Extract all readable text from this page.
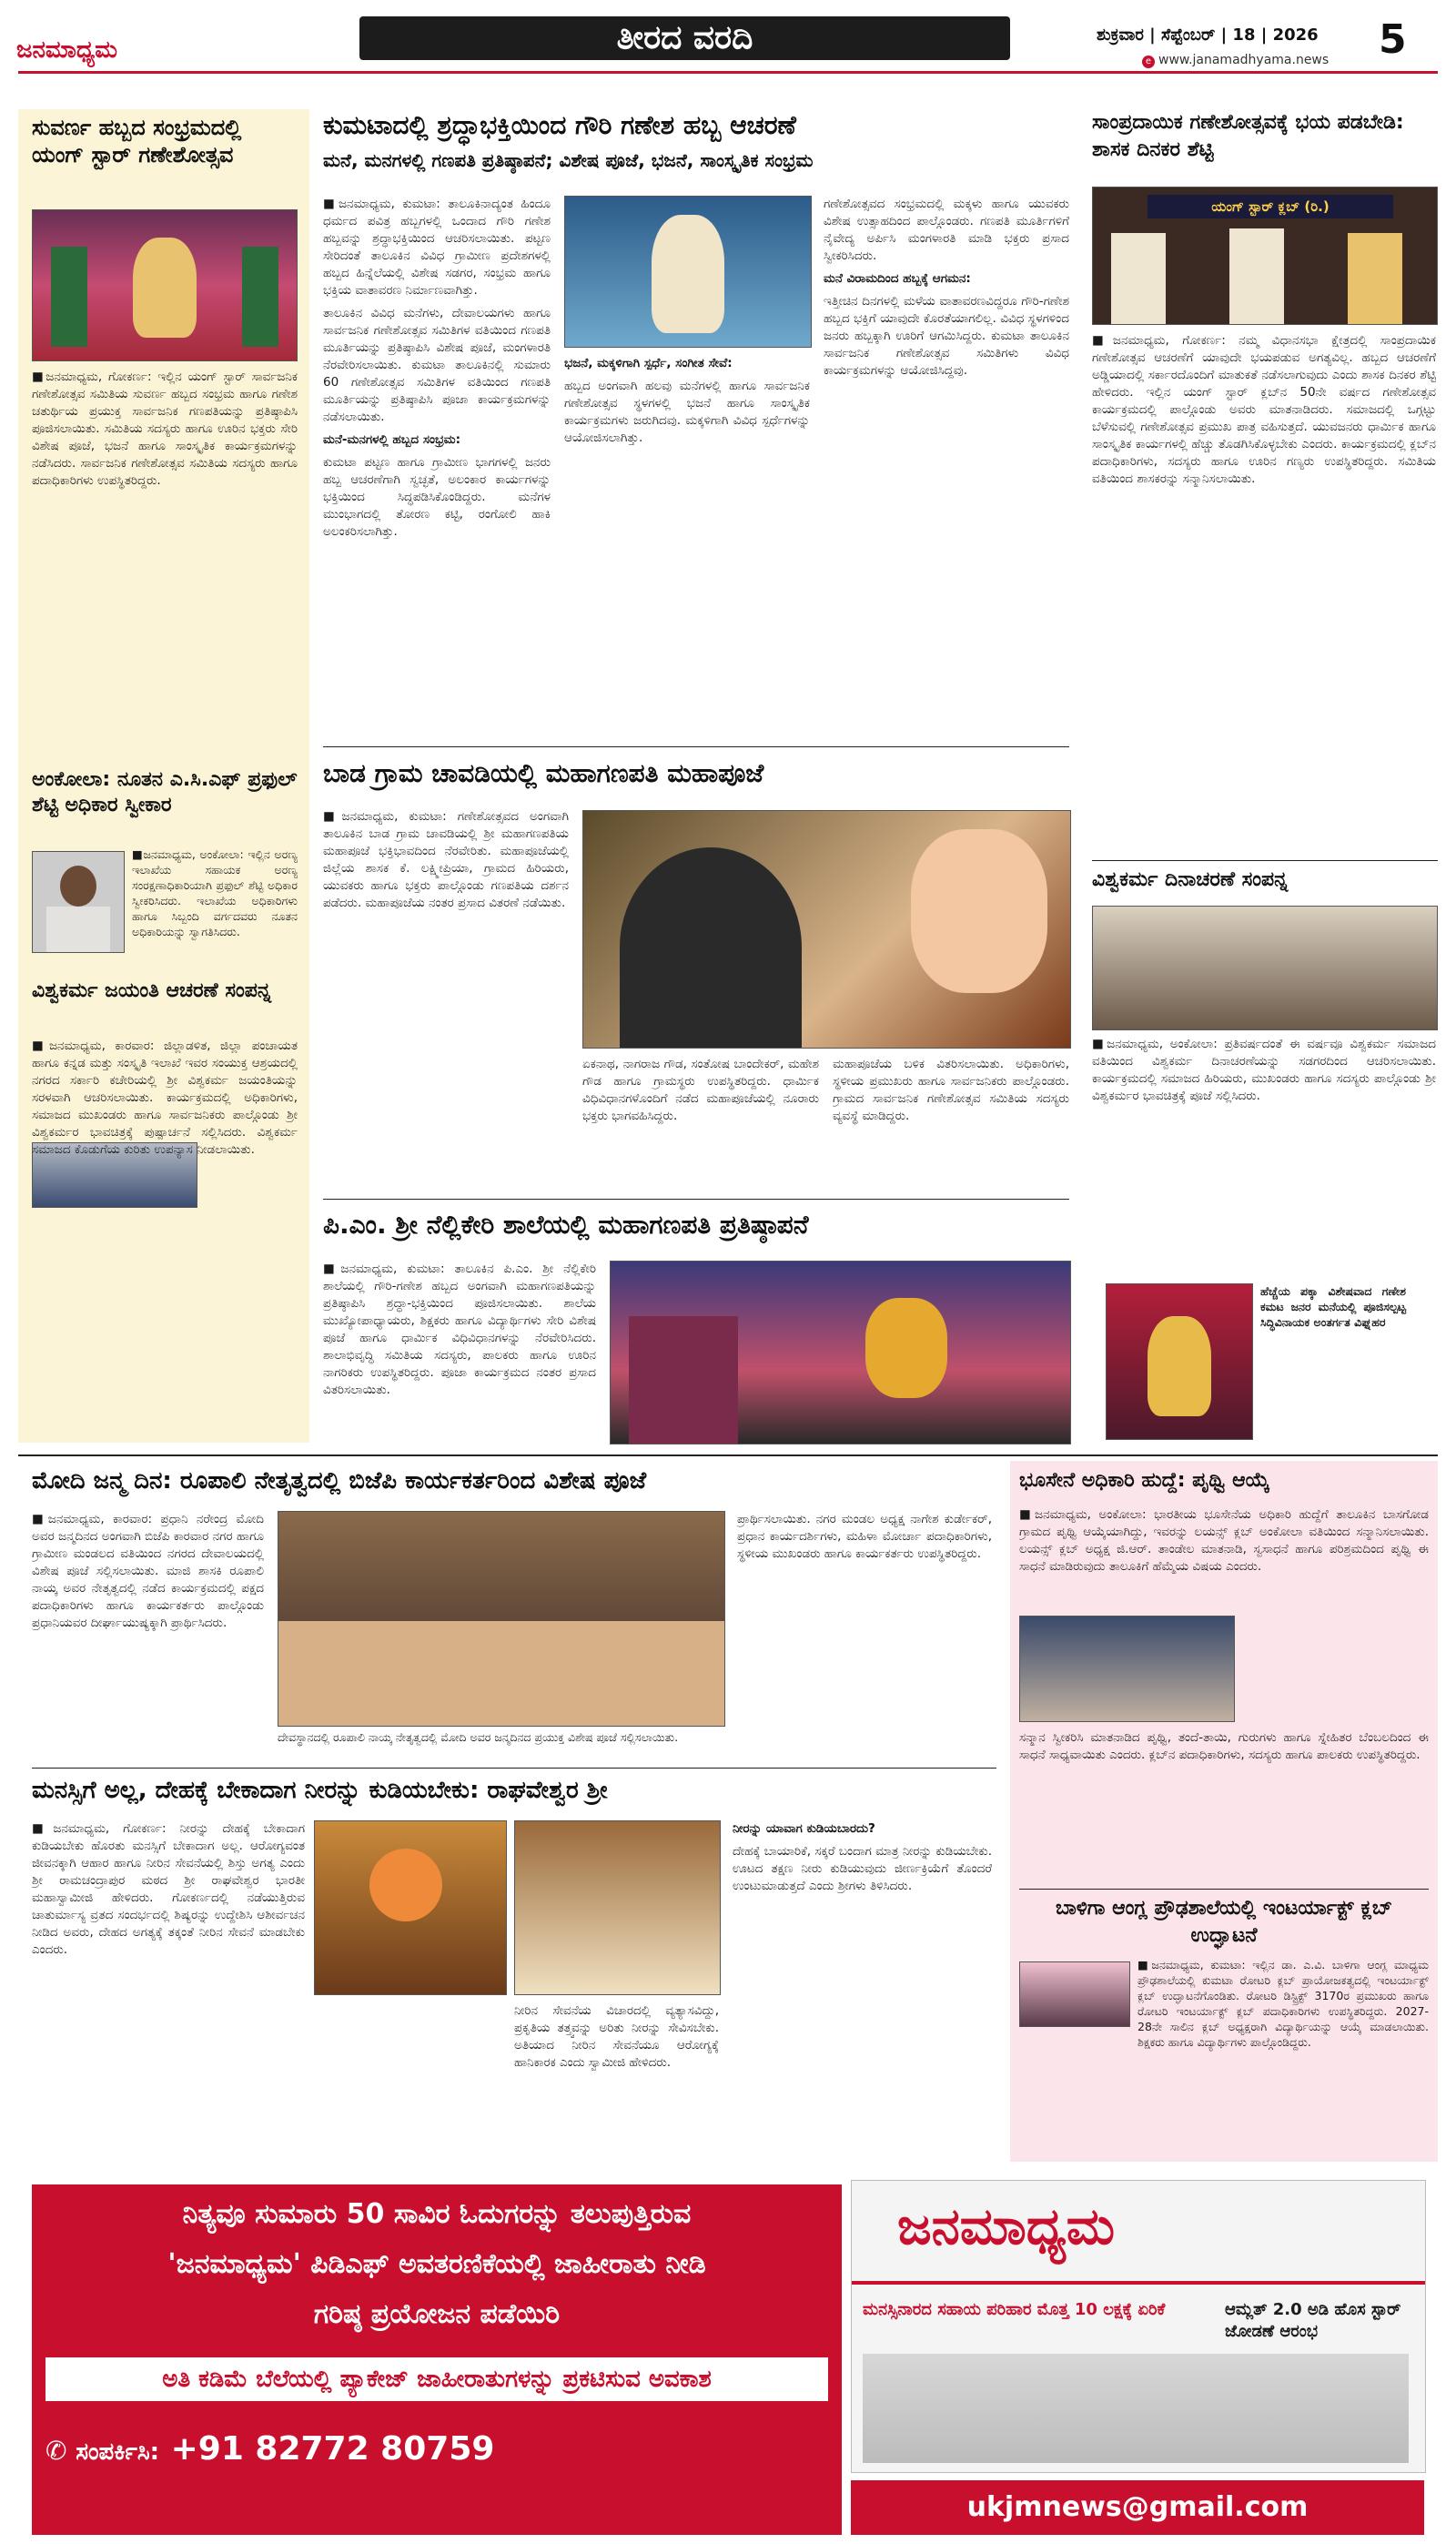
ಜನಮಾಧ್ಯಮ	ತೀರದ ವರದಿ	ಶುಕ್ರವಾರ | ಸೆಪ್ಟೆಂಬರ್ | 18 | 2026 5
e www.janamadhyama.news
ಸುವರ್ಣ ಹಬ್ಬದ ಸಂಭ್ರಮದಲ್ಲಿ ಯಂಗ್ ಸ್ಟಾರ್ ಗಣೇಶೋತ್ಸವ
■ಜನಮಾಧ್ಯಮ, ಗೋಕರ್ಣ: ಇಲ್ಲಿನ ಯಂಗ್ ಸ್ಟಾರ್ ಸಾರ್ವಜನಿಕ ಗಣೇಶೋತ್ಸವ ಸಮಿತಿಯ ಸುವರ್ಣ ಹಬ್ಬದ ಸಂಭ್ರಮ ಹಾಗೂ ಗಣೇಶ ಚತುರ್ಥಿಯ ಪ್ರಯುಕ್ತ ಸಾರ್ವಜನಿಕ ಗಣಪತಿಯನ್ನು ಪ್ರತಿಷ್ಠಾಪಿಸಿ ಪೂಜಿಸಲಾಯಿತು. ಸಮಿತಿಯ ಸದಸ್ಯರು ಹಾಗೂ ಊರಿನ ಭಕ್ತರು ಸೇರಿ ವಿಶೇಷ ಪೂಜೆ, ಭಜನೆ ಹಾಗೂ ಸಾಂಸ್ಕೃತಿಕ ಕಾರ್ಯಕ್ರಮಗಳನ್ನು ನಡೆಸಿದರು. ಸಾರ್ವಜನಿಕ ಗಣೇಶೋತ್ಸವ ಸಮಿತಿಯ ಸದಸ್ಯರು ಹಾಗೂ ಪದಾಧಿಕಾರಿಗಳು ಉಪಸ್ಥಿತರಿದ್ದರು.
ಅಂಕೋಲಾ: ನೂತನ ಎ.ಸಿ.ಎಫ್ ಪ್ರಫುಲ್ ಶೆಟ್ಟಿ ಅಧಿಕಾರ ಸ್ವೀಕಾರ
■ಜನಮಾಧ್ಯಮ, ಅಂಕೋಲಾ: ಇಲ್ಲಿನ ಅರಣ್ಯ ಇಲಾಖೆಯ ಸಹಾಯಕ ಅರಣ್ಯ ಸಂರಕ್ಷಣಾಧಿಕಾರಿಯಾಗಿ ಪ್ರಫುಲ್ ಶೆಟ್ಟಿ ಅಧಿಕಾರ ಸ್ವೀಕರಿಸಿದರು. ಇಲಾಖೆಯ ಅಧಿಕಾರಿಗಳು ಹಾಗೂ ಸಿಬ್ಬಂದಿ ವರ್ಗದವರು ನೂತನ ಅಧಿಕಾರಿಯನ್ನು ಸ್ವಾಗತಿಸಿದರು.
ವಿಶ್ವಕರ್ಮ ಜಯಂತಿ ಆಚರಣೆ ಸಂಪನ್ನ
■ಜನಮಾಧ್ಯಮ, ಕಾರವಾರ: ಜಿಲ್ಲಾಡಳಿತ, ಜಿಲ್ಲಾ ಪಂಚಾಯತ ಹಾಗೂ ಕನ್ನಡ ಮತ್ತು ಸಂಸ್ಕೃತಿ ಇಲಾಖೆ ಇವರ ಸಂಯುಕ್ತ ಆಶ್ರಯದಲ್ಲಿ ನಗರದ ಸರ್ಕಾರಿ ಕಚೇರಿಯಲ್ಲಿ ಶ್ರೀ ವಿಶ್ವಕರ್ಮ ಜಯಂತಿಯನ್ನು ಸರಳವಾಗಿ ಆಚರಿಸಲಾಯಿತು. ಕಾರ್ಯಕ್ರಮದಲ್ಲಿ ಅಧಿಕಾರಿಗಳು, ಸಮಾಜದ ಮುಖಂಡರು ಹಾಗೂ ಸಾರ್ವಜನಿಕರು ಪಾಲ್ಗೊಂಡು ಶ್ರೀ ವಿಶ್ವಕರ್ಮರ ಭಾವಚಿತ್ರಕ್ಕೆ ಪುಷ್ಪಾರ್ಚನೆ ಸಲ್ಲಿಸಿದರು. ವಿಶ್ವಕರ್ಮ ಸಮಾಜದ ಕೊಡುಗೆಯ ಕುರಿತು ಉಪನ್ಯಾಸ ನೀಡಲಾಯಿತು.
ಕುಮಟಾದಲ್ಲಿ ಶ್ರದ್ಧಾಭಕ್ತಿಯಿಂದ ಗೌರಿ ಗಣೇಶ ಹಬ್ಬ ಆಚರಣೆ
ಮನೆ, ಮನಗಳಲ್ಲಿ ಗಣಪತಿ ಪ್ರತಿಷ್ಠಾಪನೆ; ವಿಶೇಷ ಪೂಜೆ, ಭಜನೆ, ಸಾಂಸ್ಕೃತಿಕ ಸಂಭ್ರಮ

■ಜನಮಾಧ್ಯಮ, ಕುಮಟಾ: ತಾಲೂಕಿನಾದ್ಯಂತ ಹಿಂದೂ ಧರ್ಮದ ಪವಿತ್ರ ಹಬ್ಬಗಳಲ್ಲಿ ಒಂದಾದ ಗೌರಿ ಗಣೇಶ ಹಬ್ಬವನ್ನು ಶ್ರದ್ಧಾಭಕ್ತಿಯಿಂದ ಆಚರಿಸಲಾಯಿತು. ಪಟ್ಟಣ ಸೇರಿದಂತೆ ತಾಲೂಕಿನ ವಿವಿಧ ಗ್ರಾಮೀಣ ಪ್ರದೇಶಗಳಲ್ಲಿ ಹಬ್ಬದ ಹಿನ್ನೆಲೆಯಲ್ಲಿ ವಿಶೇಷ ಸಡಗರ, ಸಂಭ್ರಮ ಹಾಗೂ ಭಕ್ತಿಯ ವಾತಾವರಣ ನಿರ್ಮಾಣವಾಗಿತ್ತು.

ತಾಲೂಕಿನ ವಿವಿಧ ಮನೆಗಳು, ದೇವಾಲಯಗಳು ಹಾಗೂ ಸಾರ್ವಜನಿಕ ಗಣೇಶೋತ್ಸವ ಸಮಿತಿಗಳ ವತಿಯಿಂದ ಗಣಪತಿ ಮೂರ್ತಿಯನ್ನು ಪ್ರತಿಷ್ಠಾಪಿಸಿ ವಿಶೇಷ ಪೂಜೆ, ಮಂಗಳಾರತಿ ನೆರವೇರಿಸಲಾಯಿತು. ಕುಮಟಾ ತಾಲೂಕಿನಲ್ಲಿ ಸುಮಾರು 60 ಗಣೇಶೋತ್ಸವ ಸಮಿತಿಗಳ ವತಿಯಿಂದ ಗಣಪತಿ ಮೂರ್ತಿಯನ್ನು ಪ್ರತಿಷ್ಠಾಪಿಸಿ ಪೂಜಾ ಕಾರ್ಯಕ್ರಮಗಳನ್ನು ನಡೆಸಲಾಯಿತು.

ಮನೆ-ಮನಗಳಲ್ಲಿ ಹಬ್ಬದ ಸಂಭ್ರಮ:

ಕುಮಟಾ ಪಟ್ಟಣ ಹಾಗೂ ಗ್ರಾಮೀಣ ಭಾಗಗಳಲ್ಲಿ ಜನರು ಹಬ್ಬ ಆಚರಣೆಗಾಗಿ ಸ್ವಚ್ಛತೆ, ಅಲಂಕಾರ ಕಾರ್ಯಗಳನ್ನು ಭಕ್ತಿಯಿಂದ ಸಿದ್ಧಪಡಿಸಿಕೊಂಡಿದ್ದರು. ಮನೆಗಳ ಮುಂಭಾಗದಲ್ಲಿ ತೋರಣ ಕಟ್ಟಿ, ರಂಗೋಲಿ ಹಾಕಿ ಅಲಂಕರಿಸಲಾಗಿತ್ತು.

ಭಜನೆ, ಮಕ್ಕಳಿಗಾಗಿ ಸ್ಪರ್ಧೆ, ಸಂಗೀತ ಸೇವೆ:

ಹಬ್ಬದ ಅಂಗವಾಗಿ ಹಲವು ಮನೆಗಳಲ್ಲಿ ಹಾಗೂ ಸಾರ್ವಜನಿಕ ಗಣೇಶೋತ್ಸವ ಸ್ಥಳಗಳಲ್ಲಿ ಭಜನೆ ಹಾಗೂ ಸಾಂಸ್ಕೃತಿಕ ಕಾರ್ಯಕ್ರಮಗಳು ಜರುಗಿದವು. ಮಕ್ಕಳಿಗಾಗಿ ವಿವಿಧ ಸ್ಪರ್ಧೆಗಳನ್ನು ಆಯೋಜಿಸಲಾಗಿತ್ತು.

ಗಣೇಶೋತ್ಸವದ ಸಂಭ್ರಮದಲ್ಲಿ ಮಕ್ಕಳು ಹಾಗೂ ಯುವಕರು ವಿಶೇಷ ಉತ್ಸಾಹದಿಂದ ಪಾಲ್ಗೊಂಡರು. ಗಣಪತಿ ಮೂರ್ತಿಗಳಿಗೆ ನೈವೇದ್ಯ ಅರ್ಪಿಸಿ ಮಂಗಳಾರತಿ ಮಾಡಿ ಭಕ್ತರು ಪ್ರಸಾದ ಸ್ವೀಕರಿಸಿದರು.

ಮನೆ ವಿರಾಮದಿಂದ ಹಬ್ಬಕ್ಕೆ ಆಗಮನ:

ಇತ್ತೀಚಿನ ದಿನಗಳಲ್ಲಿ ಮಳೆಯ ವಾತಾವರಣವಿದ್ದರೂ ಗೌರಿ-ಗಣೇಶ ಹಬ್ಬದ ಭಕ್ತಿಗೆ ಯಾವುದೇ ಕೊರತೆಯಾಗಲಿಲ್ಲ. ವಿವಿಧ ಸ್ಥಳಗಳಿಂದ ಜನರು ಹಬ್ಬಕ್ಕಾಗಿ ಊರಿಗೆ ಆಗಮಿಸಿದ್ದರು. ಕುಮಟಾ ತಾಲೂಕಿನ ಸಾರ್ವಜನಿಕ ಗಣೇಶೋತ್ಸವ ಸಮಿತಿಗಳು ವಿವಿಧ ಕಾರ್ಯಕ್ರಮಗಳನ್ನು ಆಯೋಜಿಸಿದ್ದವು.

ಬಾಡ ಗ್ರಾಮ ಚಾವಡಿಯಲ್ಲಿ ಮಹಾಗಣಪತಿ ಮಹಾಪೂಜೆ
■ಜನಮಾಧ್ಯಮ, ಕುಮಟಾ: ಗಣೇಶೋತ್ಸವದ ಅಂಗವಾಗಿ ತಾಲೂಕಿನ ಬಾಡ ಗ್ರಾಮ ಚಾವಡಿಯಲ್ಲಿ ಶ್ರೀ ಮಹಾಗಣಪತಿಯ ಮಹಾಪೂಜೆ ಭಕ್ತಿಭಾವದಿಂದ ನೆರವೇರಿತು. ಮಹಾಪೂಜೆಯಲ್ಲಿ ಜಿಲ್ಲೆಯ ಶಾಸಕ ಕೆ. ಲಕ್ಷ್ಮೀಪ್ರಿಯಾ, ಗ್ರಾಮದ ಹಿರಿಯರು, ಯುವಕರು ಹಾಗೂ ಭಕ್ತರು ಪಾಲ್ಗೊಂಡು ಗಣಪತಿಯ ದರ್ಶನ ಪಡೆದರು. ಮಹಾಪೂಜೆಯ ನಂತರ ಪ್ರಸಾದ ವಿತರಣೆ ನಡೆಯಿತು.
ಏಕನಾಥ, ನಾಗರಾಜ ಗೌಡ, ಸಂತೋಷ ಬಾಂದೇಕರ್, ಮಹೇಶ ಗೌಡ ಹಾಗೂ ಗ್ರಾಮಸ್ಥರು ಉಪಸ್ಥಿತರಿದ್ದರು. ಧಾರ್ಮಿಕ ವಿಧಿವಿಧಾನಗಳೊಂದಿಗೆ ನಡೆದ ಮಹಾಪೂಜೆಯಲ್ಲಿ ನೂರಾರು ಭಕ್ತರು ಭಾಗವಹಿಸಿದ್ದರು.
ಮಹಾಪೂಜೆಯ ಬಳಿಕ ವಿತರಿಸಲಾಯಿತು. ಅಧಿಕಾರಿಗಳು, ಸ್ಥಳೀಯ ಪ್ರಮುಖರು ಹಾಗೂ ಸಾರ್ವಜನಿಕರು ಪಾಲ್ಗೊಂಡರು. ಗ್ರಾಮದ ಸಾರ್ವಜನಿಕ ಗಣೇಶೋತ್ಸವ ಸಮಿತಿಯ ಸದಸ್ಯರು ವ್ಯವಸ್ಥೆ ಮಾಡಿದ್ದರು.
ಪಿ.ಎಂ. ಶ್ರೀ ನೆಲ್ಲಿಕೇರಿ ಶಾಲೆಯಲ್ಲಿ ಮಹಾಗಣಪತಿ ಪ್ರತಿಷ್ಠಾಪನೆ
■ಜನಮಾಧ್ಯಮ, ಕುಮಟಾ: ತಾಲೂಕಿನ ಪಿ.ಎಂ. ಶ್ರೀ ನೆಲ್ಲಿಕೇರಿ ಶಾಲೆಯಲ್ಲಿ ಗೌರಿ-ಗಣೇಶ ಹಬ್ಬದ ಅಂಗವಾಗಿ ಮಹಾಗಣಪತಿಯನ್ನು ಪ್ರತಿಷ್ಠಾಪಿಸಿ ಶ್ರದ್ಧಾ-ಭಕ್ತಿಯಿಂದ ಪೂಜಿಸಲಾಯಿತು. ಶಾಲೆಯ ಮುಖ್ಯೋಪಾಧ್ಯಾಯರು, ಶಿಕ್ಷಕರು ಹಾಗೂ ವಿದ್ಯಾರ್ಥಿಗಳು ಸೇರಿ ವಿಶೇಷ ಪೂಜೆ ಹಾಗೂ ಧಾರ್ಮಿಕ ವಿಧಿವಿಧಾನಗಳನ್ನು ನೆರವೇರಿಸಿದರು. ಶಾಲಾಭಿವೃದ್ಧಿ ಸಮಿತಿಯ ಸದಸ್ಯರು, ಪಾಲಕರು ಹಾಗೂ ಊರಿನ ನಾಗರಿಕರು ಉಪಸ್ಥಿತರಿದ್ದರು. ಪೂಜಾ ಕಾರ್ಯಕ್ರಮದ ನಂತರ ಪ್ರಸಾದ ವಿತರಿಸಲಾಯಿತು.
ಸಾಂಪ್ರದಾಯಿಕ ಗಣೇಶೋತ್ಸವಕ್ಕೆ ಭಯ ಪಡಬೇಡಿ: ಶಾಸಕ ದಿನಕರ ಶೆಟ್ಟಿ
ಯಂಗ್ ಸ್ಟಾರ್ ಕ್ಲಬ್ (ರಿ.)
■ಜನಮಾಧ್ಯಮ, ಗೋಕರ್ಣ: ನಮ್ಮ ವಿಧಾನಸಭಾ ಕ್ಷೇತ್ರದಲ್ಲಿ ಸಾಂಪ್ರದಾಯಿಕ ಗಣೇಶೋತ್ಸವ ಆಚರಣೆಗೆ ಯಾವುದೇ ಭಯಪಡುವ ಅಗತ್ಯವಿಲ್ಲ. ಹಬ್ಬದ ಆಚರಣೆಗೆ ಅಡ್ಡಿಯಾದಲ್ಲಿ ಸರ್ಕಾರದೊಂದಿಗೆ ಮಾತುಕತೆ ನಡೆಸಲಾಗುವುದು ಎಂದು ಶಾಸಕ ದಿನಕರ ಶೆಟ್ಟಿ ಹೇಳಿದರು. ಇಲ್ಲಿನ ಯಂಗ್ ಸ್ಟಾರ್ ಕ್ಲಬ್‌ನ 50ನೇ ವರ್ಷದ ಗಣೇಶೋತ್ಸವ ಕಾರ್ಯಕ್ರಮದಲ್ಲಿ ಪಾಲ್ಗೊಂಡು ಅವರು ಮಾತನಾಡಿದರು. ಸಮಾಜದಲ್ಲಿ ಒಗ್ಗಟ್ಟು ಬೆಳೆಸುವಲ್ಲಿ ಗಣೇಶೋತ್ಸವ ಪ್ರಮುಖ ಪಾತ್ರ ವಹಿಸುತ್ತದೆ. ಯುವಜನರು ಧಾರ್ಮಿಕ ಹಾಗೂ ಸಾಂಸ್ಕೃತಿಕ ಕಾರ್ಯಗಳಲ್ಲಿ ಹೆಚ್ಚು ತೊಡಗಿಸಿಕೊಳ್ಳಬೇಕು ಎಂದರು. ಕಾರ್ಯಕ್ರಮದಲ್ಲಿ ಕ್ಲಬ್‌ನ ಪದಾಧಿಕಾರಿಗಳು, ಸದಸ್ಯರು ಹಾಗೂ ಊರಿನ ಗಣ್ಯರು ಉಪಸ್ಥಿತರಿದ್ದರು. ಸಮಿತಿಯ ವತಿಯಿಂದ ಶಾಸಕರನ್ನು ಸನ್ಮಾನಿಸಲಾಯಿತು.
ವಿಶ್ವಕರ್ಮ ದಿನಾಚರಣೆ ಸಂಪನ್ನ
■ಜನಮಾಧ್ಯಮ, ಅಂಕೋಲಾ: ಪ್ರತಿವರ್ಷದಂತೆ ಈ ವರ್ಷವೂ ವಿಶ್ವಕರ್ಮ ಸಮಾಜದ ವತಿಯಿಂದ ವಿಶ್ವಕರ್ಮ ದಿನಾಚರಣೆಯನ್ನು ಸಡಗರದಿಂದ ಆಚರಿಸಲಾಯಿತು. ಕಾರ್ಯಕ್ರಮದಲ್ಲಿ ಸಮಾಜದ ಹಿರಿಯರು, ಮುಖಂಡರು ಹಾಗೂ ಸದಸ್ಯರು ಪಾಲ್ಗೊಂಡು ಶ್ರೀ ವಿಶ್ವಕರ್ಮರ ಭಾವಚಿತ್ರಕ್ಕೆ ಪೂಜೆ ಸಲ್ಲಿಸಿದರು.
ಹೆಚ್ಚೆಯ ಪಕ್ಕಾ ವಿಶೇಷವಾದ ಗಣೇಶ ಕಮಟ ಜನರ ಮನೆಯಲ್ಲಿ ಪೂಜಿಸಲ್ಪಟ್ಟ ಸಿದ್ಧಿವಿನಾಯಕ ಅಂತರ್ಗತ ವಿಘ್ನಹರ
ಮೋದಿ ಜನ್ಮ ದಿನ: ರೂಪಾಲಿ ನೇತೃತ್ವದಲ್ಲಿ ಬಿಜೆಪಿ ಕಾರ್ಯಕರ್ತರಿಂದ ವಿಶೇಷ ಪೂಜೆ
■ಜನಮಾಧ್ಯಮ, ಕಾರವಾರ: ಪ್ರಧಾನಿ ನರೇಂದ್ರ ಮೋದಿ ಅವರ ಜನ್ಮದಿನದ ಅಂಗವಾಗಿ ಬಿಜೆಪಿ ಕಾರವಾರ ನಗರ ಹಾಗೂ ಗ್ರಾಮೀಣ ಮಂಡಲದ ವತಿಯಿಂದ ನಗರದ ದೇವಾಲಯದಲ್ಲಿ ವಿಶೇಷ ಪೂಜೆ ಸಲ್ಲಿಸಲಾಯಿತು. ಮಾಜಿ ಶಾಸಕಿ ರೂಪಾಲಿ ನಾಯ್ಕ ಅವರ ನೇತೃತ್ವದಲ್ಲಿ ನಡೆದ ಕಾರ್ಯಕ್ರಮದಲ್ಲಿ ಪಕ್ಷದ ಪದಾಧಿಕಾರಿಗಳು ಹಾಗೂ ಕಾರ್ಯಕರ್ತರು ಪಾಲ್ಗೊಂಡು ಪ್ರಧಾನಿಯವರ ದೀರ್ಘಾಯುಷ್ಯಕ್ಕಾಗಿ ಪ್ರಾರ್ಥಿಸಿದರು.
ದೇವಸ್ಥಾನದಲ್ಲಿ ರೂಪಾಲಿ ನಾಯ್ಕ ನೇತೃತ್ವದಲ್ಲಿ ಮೋದಿ ಅವರ ಜನ್ಮದಿನದ ಪ್ರಯುಕ್ತ ವಿಶೇಷ ಪೂಜೆ ಸಲ್ಲಿಸಲಾಯಿತು.
ಪ್ರಾರ್ಥಿಸಲಾಯಿತು. ನಗರ ಮಂಡಲ ಅಧ್ಯಕ್ಷ ನಾಗೇಶ ಕುರ್ಡೇಕರ್, ಪ್ರಧಾನ ಕಾರ್ಯದರ್ಶಿಗಳು, ಮಹಿಳಾ ಮೋರ್ಚಾ ಪದಾಧಿಕಾರಿಗಳು, ಸ್ಥಳೀಯ ಮುಖಂಡರು ಹಾಗೂ ಕಾರ್ಯಕರ್ತರು ಉಪಸ್ಥಿತರಿದ್ದರು.
ಮನಸ್ಸಿಗೆ ಅಲ್ಲ, ದೇಹಕ್ಕೆ ಬೇಕಾದಾಗ ನೀರನ್ನು ಕುಡಿಯಬೇಕು: ರಾಘವೇಶ್ವರ ಶ್ರೀ
■ಜನಮಾಧ್ಯಮ, ಗೋಕರ್ಣ: ನೀರನ್ನು ದೇಹಕ್ಕೆ ಬೇಕಾದಾಗ ಕುಡಿಯಬೇಕು ಹೊರತು ಮನಸ್ಸಿಗೆ ಬೇಕಾದಾಗ ಅಲ್ಲ. ಆರೋಗ್ಯವಂತ ಜೀವನಕ್ಕಾಗಿ ಆಹಾರ ಹಾಗೂ ನೀರಿನ ಸೇವನೆಯಲ್ಲಿ ಶಿಸ್ತು ಅಗತ್ಯ ಎಂದು ಶ್ರೀ ರಾಮಚಂದ್ರಾಪುರ ಮಠದ ಶ್ರೀ ರಾಘವೇಶ್ವರ ಭಾರತೀ ಮಹಾಸ್ವಾಮೀಜಿ ಹೇಳಿದರು. ಗೋಕರ್ಣದಲ್ಲಿ ನಡೆಯುತ್ತಿರುವ ಚಾತುರ್ಮಾಸ್ಯ ವ್ರತದ ಸಂದರ್ಭದಲ್ಲಿ ಶಿಷ್ಯರನ್ನು ಉದ್ದೇಶಿಸಿ ಆಶೀರ್ವಚನ ನೀಡಿದ ಅವರು, ದೇಹದ ಅಗತ್ಯಕ್ಕೆ ತಕ್ಕಂತೆ ನೀರಿನ ಸೇವನೆ ಮಾಡಬೇಕು ಎಂದರು.
ನೀರಿನ ಸೇವನೆಯ ವಿಚಾರದಲ್ಲಿ ವ್ಯತ್ಯಾಸವಿದ್ದು, ಪ್ರಕೃತಿಯ ತತ್ತ್ವವನ್ನು ಅರಿತು ನೀರನ್ನು ಸೇವಿಸಬೇಕು. ಅತಿಯಾದ ನೀರಿನ ಸೇವನೆಯೂ ಆರೋಗ್ಯಕ್ಕೆ ಹಾನಿಕಾರಕ ಎಂದು ಸ್ವಾಮೀಜಿ ಹೇಳಿದರು.

ನೀರನ್ನು ಯಾವಾಗ ಕುಡಿಯಬಾರದು?

ದೇಹಕ್ಕೆ ಬಾಯಾರಿಕೆ, ಸಕ್ಕರೆ ಬಂದಾಗ ಮಾತ್ರ ನೀರನ್ನು ಕುಡಿಯಬೇಕು. ಊಟದ ತಕ್ಷಣ ನೀರು ಕುಡಿಯುವುದು ಜೀರ್ಣಕ್ರಿಯೆಗೆ ತೊಂದರೆ ಉಂಟುಮಾಡುತ್ತದೆ ಎಂದು ಶ್ರೀಗಳು ತಿಳಿಸಿದರು.

ಭೂಸೇನೆ ಅಧಿಕಾರಿ ಹುದ್ದೆ: ಪೃಥ್ವಿ ಆಯ್ಕೆ
■ಜನಮಾಧ್ಯಮ, ಅಂಕೋಲಾ: ಭಾರತೀಯ ಭೂಸೇನೆಯ ಅಧಿಕಾರಿ ಹುದ್ದೆಗೆ ತಾಲೂಕಿನ ಬಾಸಗೋಡ ಗ್ರಾಮದ ಪೃಥ್ವಿ ಆಯ್ಕೆಯಾಗಿದ್ದು, ಇವರನ್ನು ಲಯನ್ಸ್ ಕ್ಲಬ್ ಅಂಕೋಲಾ ವತಿಯಿಂದ ಸನ್ಮಾನಿಸಲಾಯಿತು. ಲಯನ್ಸ್ ಕ್ಲಬ್ ಅಧ್ಯಕ್ಷ ಜಿ.ಆರ್. ತಾಂಡೇಲ ಮಾತನಾಡಿ, ಸ್ವಸಾಧನೆ ಹಾಗೂ ಪರಿಶ್ರಮದಿಂದ ಪೃಥ್ವಿ ಈ ಸಾಧನೆ ಮಾಡಿರುವುದು ತಾಲೂಕಿಗೆ ಹೆಮ್ಮೆಯ ವಿಷಯ ಎಂದರು.
ಸನ್ಮಾನ ಸ್ವೀಕರಿಸಿ ಮಾತನಾಡಿದ ಪೃಥ್ವಿ, ತಂದೆ-ತಾಯಿ, ಗುರುಗಳು ಹಾಗೂ ಸ್ನೇಹಿತರ ಬೆಂಬಲದಿಂದ ಈ ಸಾಧನೆ ಸಾಧ್ಯವಾಯಿತು ಎಂದರು. ಕ್ಲಬ್‌ನ ಪದಾಧಿಕಾರಿಗಳು, ಸದಸ್ಯರು ಹಾಗೂ ಪಾಲಕರು ಉಪಸ್ಥಿತರಿದ್ದರು.
ಬಾಳಿಗಾ ಆಂಗ್ಲ ಪ್ರೌಢಶಾಲೆಯಲ್ಲಿ ಇಂಟರ್ಯಾಕ್ಟ್ ಕ್ಲಬ್ ಉದ್ಘಾಟನೆ
■ಜನಮಾಧ್ಯಮ, ಕುಮಟಾ: ಇಲ್ಲಿನ ಡಾ. ಎ.ವಿ. ಬಾಳಿಗಾ ಆಂಗ್ಲ ಮಾಧ್ಯಮ ಪ್ರೌಢಶಾಲೆಯಲ್ಲಿ ಕುಮಟಾ ರೋಟರಿ ಕ್ಲಬ್ ಪ್ರಾಯೋಜಕತ್ವದಲ್ಲಿ ಇಂಟರ್ಯಾಕ್ಟ್ ಕ್ಲಬ್ ಉದ್ಘಾಟನೆಗೊಂಡಿತು. ರೋಟರಿ ಡಿಸ್ಟ್ರಿಕ್ಟ್ 3170ರ ಪ್ರಮುಖರು ಹಾಗೂ ರೋಟರಿ ಇಂಟರ್ಯಾಕ್ಟ್ ಕ್ಲಬ್ ಪದಾಧಿಕಾರಿಗಳು ಉಪಸ್ಥಿತರಿದ್ದರು. 2027-28ನೇ ಸಾಲಿನ ಕ್ಲಬ್ ಅಧ್ಯಕ್ಷರಾಗಿ ವಿದ್ಯಾರ್ಥಿಯನ್ನು ಆಯ್ಕೆ ಮಾಡಲಾಯಿತು. ಶಿಕ್ಷಕರು ಹಾಗೂ ವಿದ್ಯಾರ್ಥಿಗಳು ಪಾಲ್ಗೊಂಡಿದ್ದರು.
ನಿತ್ಯವೂ ಸುಮಾರು 50 ಸಾವಿರ ಓದುಗರನ್ನು ತಲುಪುತ್ತಿರುವ
'ಜನಮಾಧ್ಯಮ' ಪಿಡಿಎಫ್ ಅವತರಣಿಕೆಯಲ್ಲಿ ಜಾಹೀರಾತು ನೀಡಿ
ಗರಿಷ್ಠ ಪ್ರಯೋಜನ ಪಡೆಯಿರಿ
ಅತಿ ಕಡಿಮೆ ಬೆಲೆಯಲ್ಲಿ ಪ್ಯಾಕೇಜ್ ಜಾಹೀರಾತುಗಳನ್ನು ಪ್ರಕಟಿಸುವ ಅವಕಾಶ
✆ ಸಂಪರ್ಕಿಸಿ: +91 82772 80759
ಜನಮಾಧ್ಯಮ
ಮನಸ್ಸಿನಾರದ ಸಹಾಯ ಪರಿಹಾರ ಮೊತ್ತ 10 ಲಕ್ಷಕ್ಕೆ ಏರಿಕೆ	ಆಮ್ಲತ್ 2.0 ಅಡಿ ಹೊಸ ಸ್ಟಾರ್ ಜೋಡಣೆ ಆರಂಭ
ukjmnews@gmail.com
